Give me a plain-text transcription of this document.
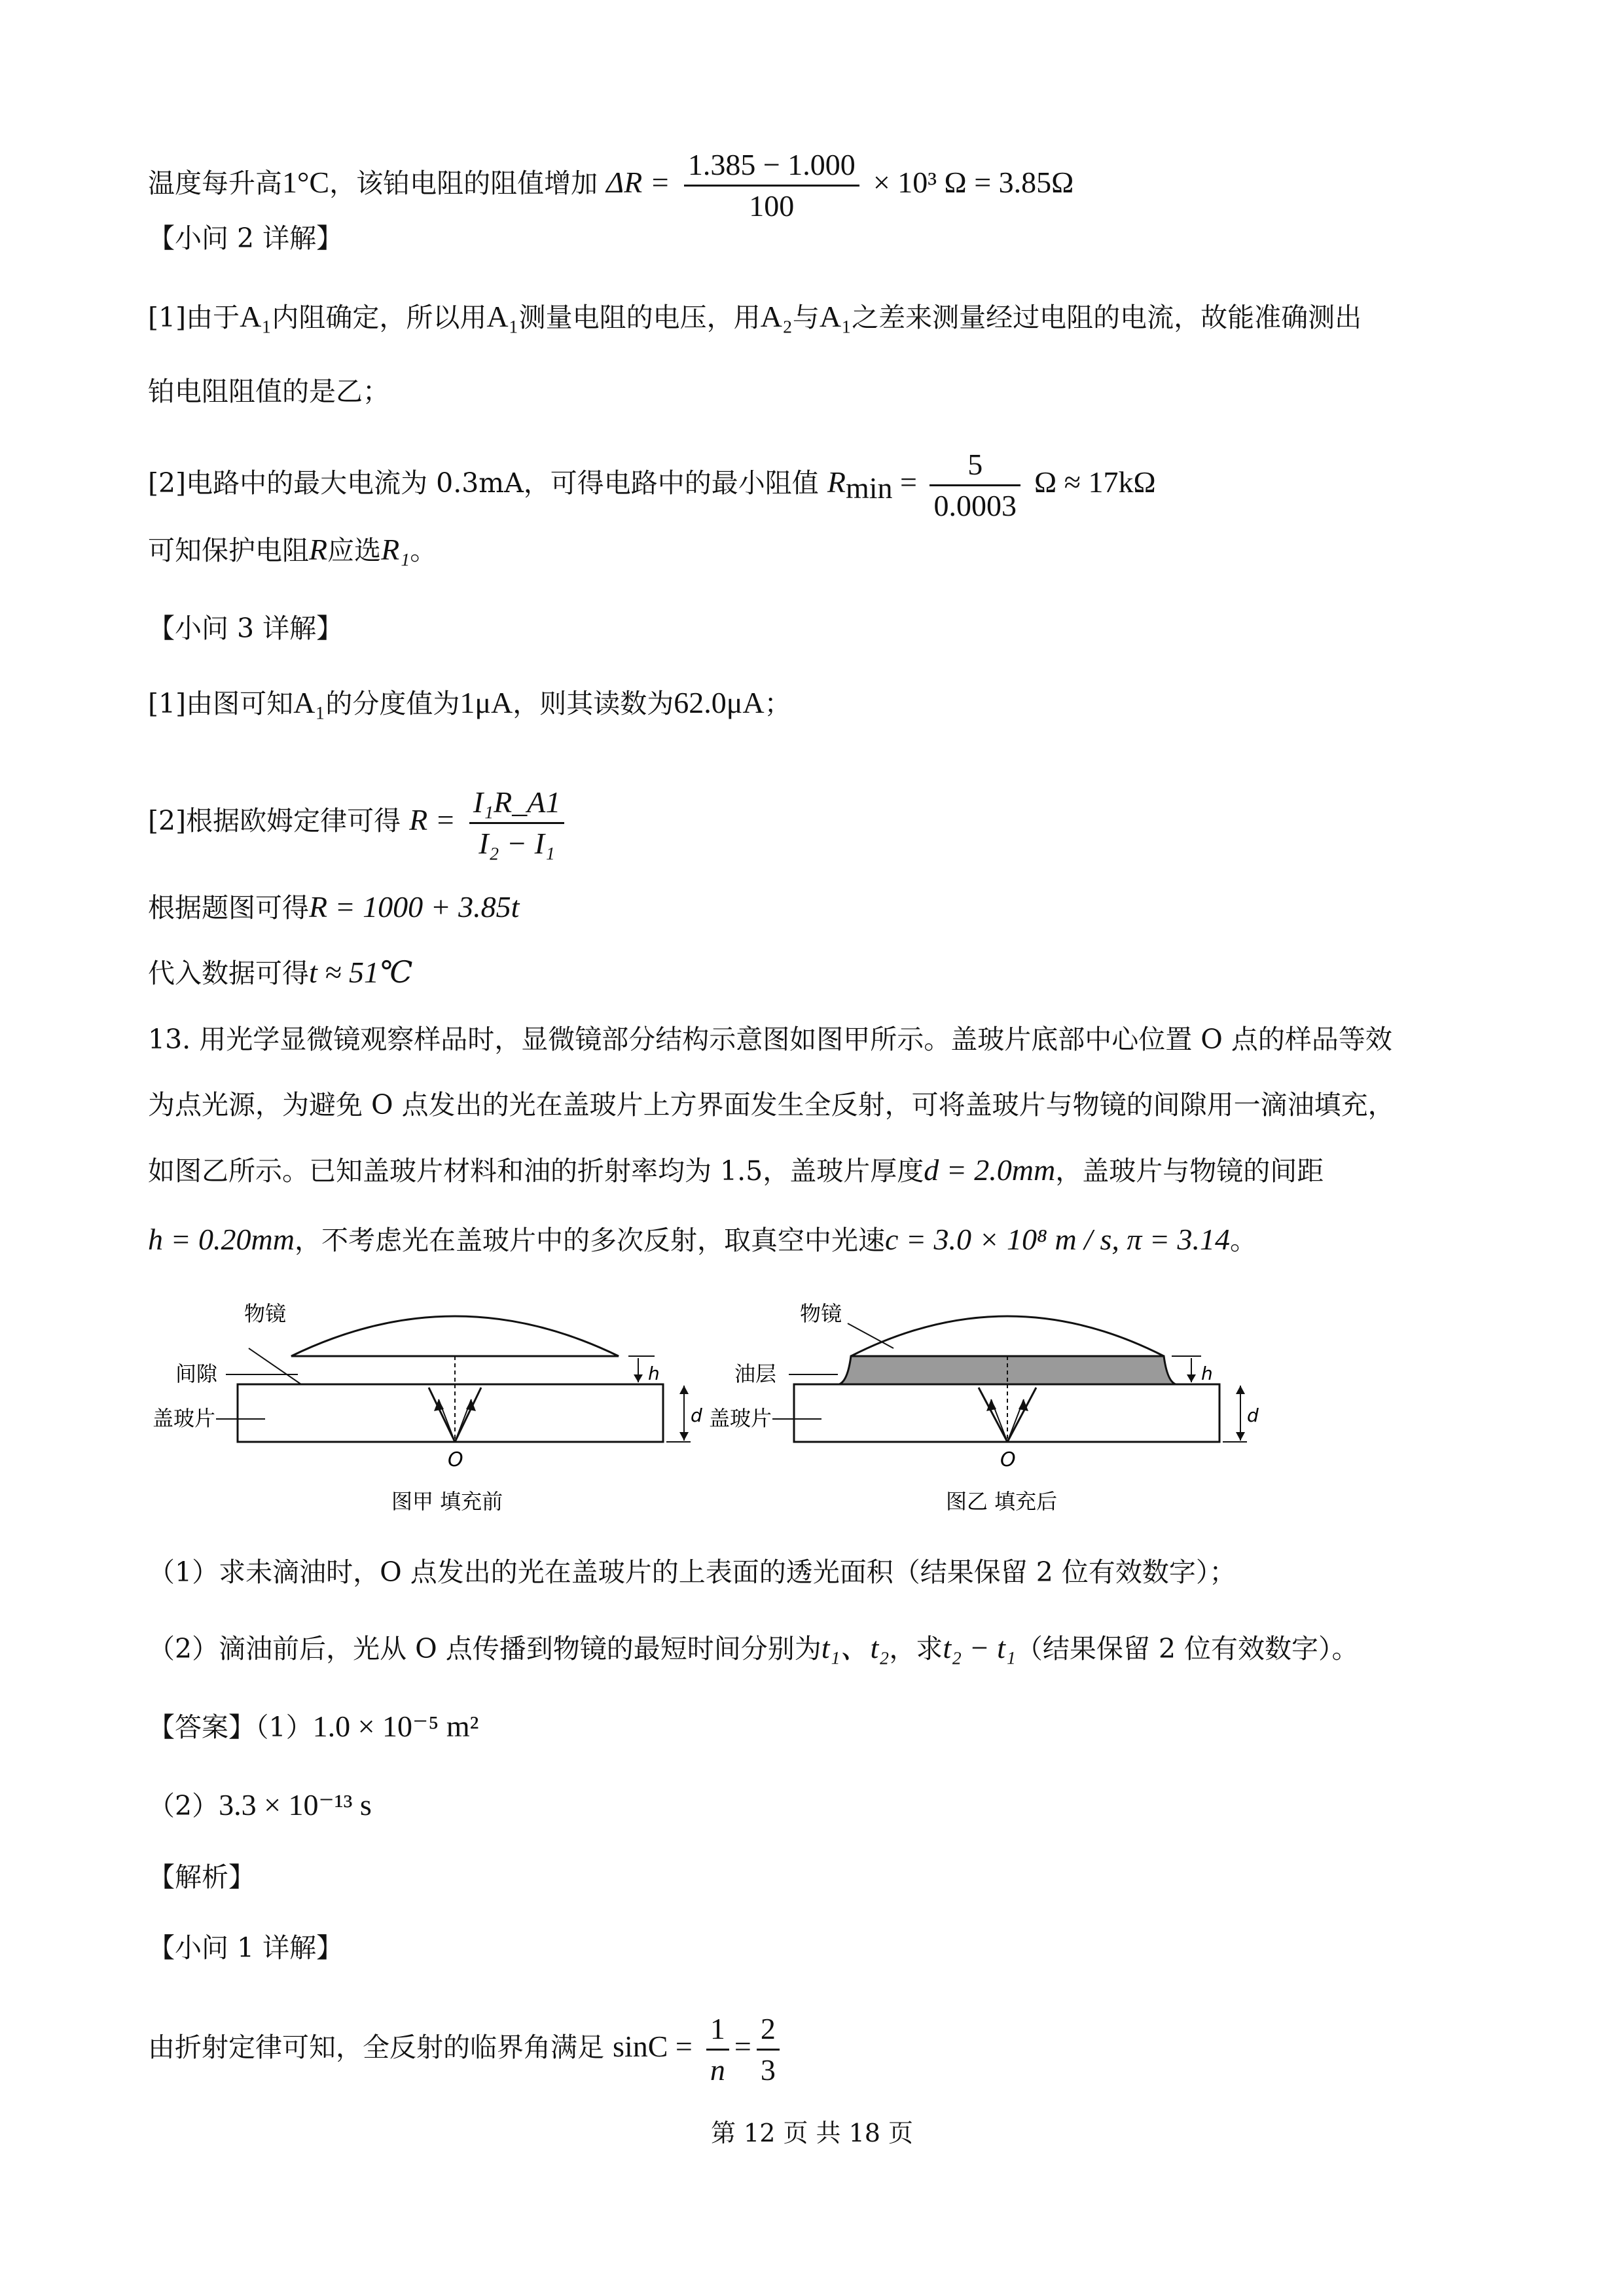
温度每升高1°C，该铂电阻的阻值增加 $\Delta R = \frac{1.385 - 1.000}{100} \times 10^3$ Ω = 3.85Ω
【小问 2 详解】
[1]由于A₁内阻确定，所以用A₁测量电阻的电压，用A₂与A₁之差来测量经过电阻的电流，故能准确测出
铂电阻阻值的是乙；
[2]电路中的最大电流为 0.3mA，可得电路中的最小阻值 $R_{min} = \frac{5}{0.0003}$ Ω ≈ 17kΩ
可知保护电阻R应选R₁。
【小问 3 详解】
[1]由图可知A₁的分度值为1μA，则其读数为62.0μA；
[2]根据欧姆定律可得 $R = \frac{\text{I₁R\_A1}}{\text{I₂ − I₁}}$
根据题图可得R = 1000 + 3.85t
代入数据可得t ≈ 51℃
13. 用光学显微镜观察样品时，显微镜部分结构示意图如图甲所示。盖玻片底部中心位置 O 点的样品等效
为点光源，为避免 O 点发出的光在盖玻片上方界面发生全反射，可将盖玻片与物镜的间隙用一滴油填充，
如图乙所示。已知盖玻片材料和油的折射率均为 1.5，盖玻片厚度d = 2.0mm，盖玻片与物镜的间距
h = 0.20mm，不考虑光在盖玻片中的多次反射，取真空中光速c = 3.0 × 10⁸ m / s, π = 3.14。
物镜
间隙
盖玻片
h
d
O
图甲 填充前
物镜
油层
盖玻片
h
d
O
图乙 填充后
（1）求未滴油时，O 点发出的光在盖玻片的上表面的透光面积（结果保留 2 位有效数字）；
（2）滴油前后，光从 O 点传播到物镜的最短时间分别为t₁、t₂，求t₂ − t₁（结果保留 2 位有效数字）。
【答案】（1）1.0 × 10⁻⁵ m²
（2）3.3 × 10⁻¹³ s
【解析】
【小问 1 详解】
由折射定律可知，全反射的临界角满足 $\sin C = \frac{1}{n} = \frac{2}{3}$
第 12 页 共 18 页
